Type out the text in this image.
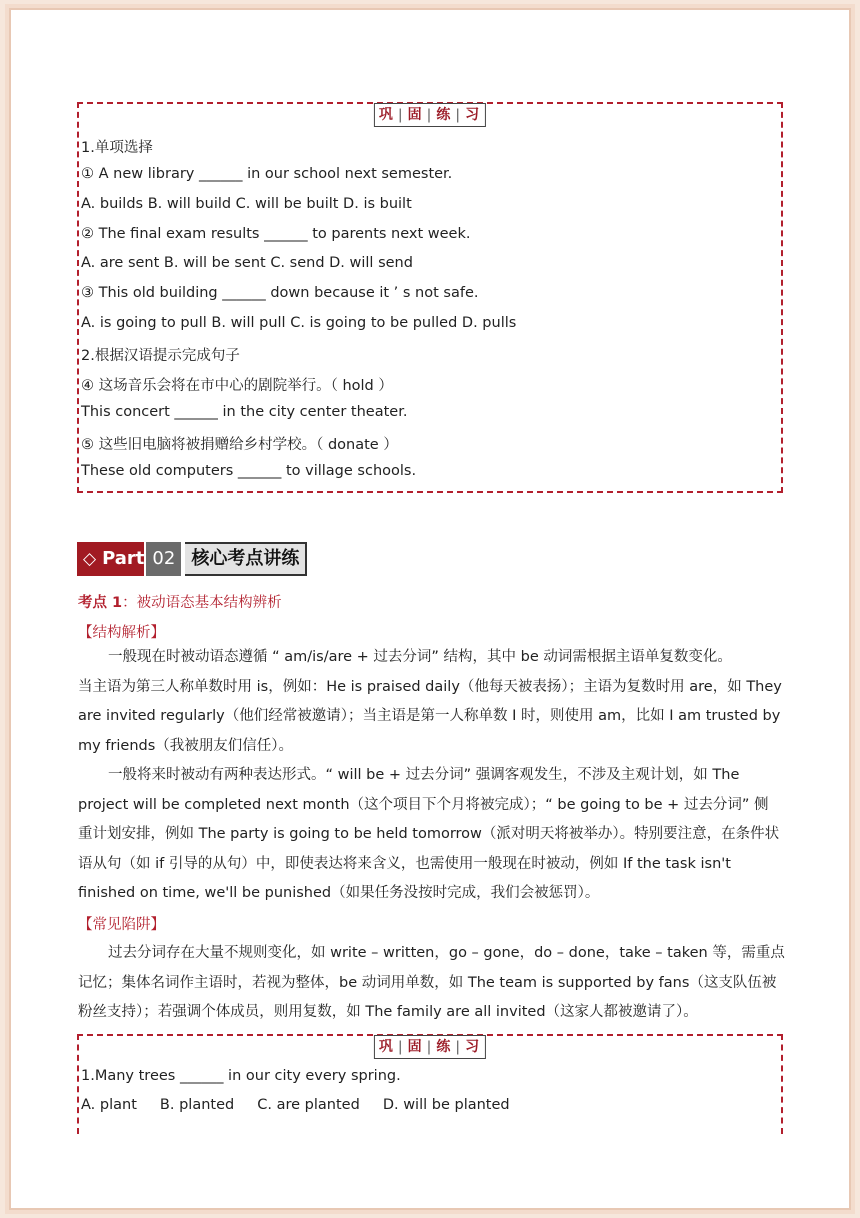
巩 | 固 | 练 | 习
1.单项选择
① A new library ______ in our school next semester.
A. builds B. will build C. will be built D. is built
② The final exam results ______ to parents next week.
A. are sent B. will be sent C. send D. will send
③ This old building ______ down because it ’ s not safe.
A. is going to pull B. will pull C. is going to be pulled D. pulls
2.根据汉语提示完成句子
④ 这场音乐会将在市中心的剧院举行。（ hold ）
This concert ______ in the city center theater.
⑤ 这些旧电脑将被捐赠给乡村学校。（ donate ）
These old computers ______ to village schools.
◇ Part 02 核心考点讲练
考点 1：被动语态基本结构辨析
【结构解析】
一般现在时被动语态遵循 “ am/is/are + 过去分词” 结构，其中 be 动词需根据主语单复数变化。
当主语为第三人称单数时用 is，例如：He is praised daily（他每天被表扬）；主语为复数时用 are，如 They
are invited regularly（他们经常被邀请）；当主语是第一人称单数 I 时，则使用 am，比如 I am trusted by
my friends（我被朋友们信任）。
一般将来时被动有两种表达形式。“ will be + 过去分词” 强调客观发生，不涉及主观计划，如 The
project will be completed next month（这个项目下个月将被完成）；“ be going to be + 过去分词” 侧
重计划安排，例如 The party is going to be held tomorrow（派对明天将被举办）。特别要注意，在条件状
语从句（如 if 引导的从句）中，即使表达将来含义，也需使用一般现在时被动，例如 If the task isn't
finished on time, we'll be punished（如果任务没按时完成，我们会被惩罚）。
【常见陷阱】
过去分词存在大量不规则变化，如 write – written，go – gone，do – done，take – taken 等，需重点
记忆；集体名词作主语时，若视为整体，be 动词用单数，如 The team is supported by fans（这支队伍被
粉丝支持）；若强调个体成员，则用复数，如 The family are all invited（这家人都被邀请了）。
巩 | 固 | 练 | 习
1.Many trees ______ in our city every spring.
A. plant     B. planted     C. are planted     D. will be planted
